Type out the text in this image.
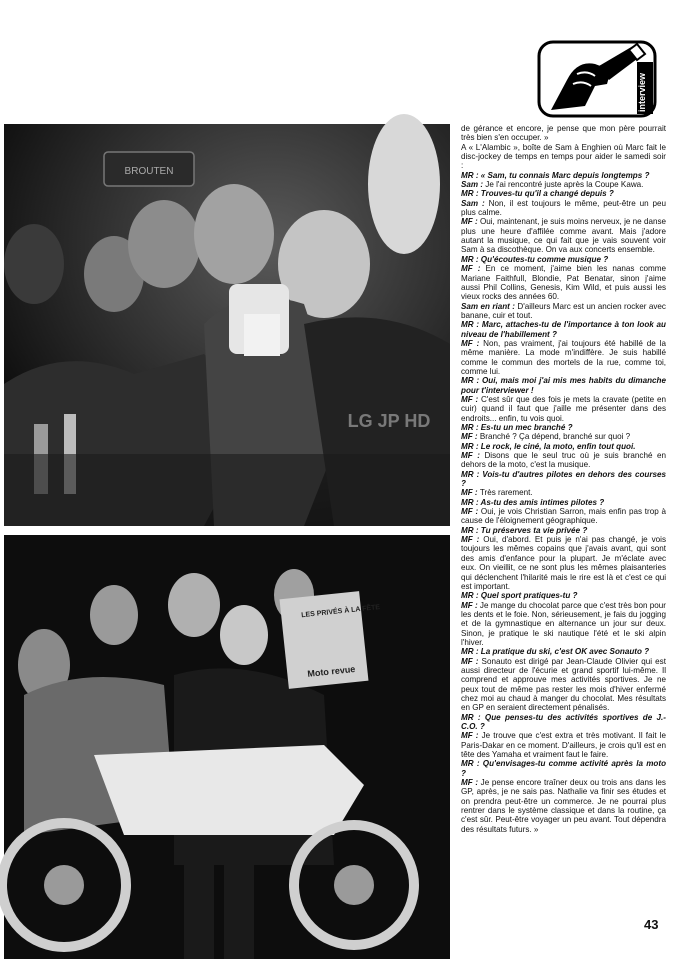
interview
BROUTEN
LG JP HD
LES PRIVÉS À LA FÊTE
Moto revue

de gérance et encore, je pense que mon père pourrait très bien s'en occuper. »

A « L'Alambic », boîte de Sam à Enghien où Marc fait le disc-jockey de temps en temps pour aider le samedi soir :

MR : « Sam, tu connais Marc depuis longtemps ?

Sam : Je l'ai rencontré juste après la Coupe Kawa.

MR : Trouves-tu qu'il a changé depuis ?

Sam : Non, il est toujours le même, peut-être un peu plus calme.

MF : Oui, maintenant, je suis moins nerveux, je ne danse plus une heure d'affilée comme avant. Mais j'adore autant la musique, ce qui fait que je vais souvent voir Sam à sa discothèque. On va aux concerts ensemble.

MR : Qu'écoutes-tu comme musique ?

MF : En ce moment, j'aime bien les nanas comme Mariane Faithfull, Blondie, Pat Benatar, sinon j'aime aussi Phil Collins, Genesis, Kim Wild, et puis aussi les vieux rocks des années 60.

Sam en riant : D'ailleurs Marc est un ancien rocker avec banane, cuir et tout.

MR : Marc, attaches-tu de l'importance à ton look au niveau de l'habillement ?

MF : Non, pas vraiment, j'ai toujours été habillé de la même manière. La mode m'indiffère. Je suis habillé comme le commun des mortels de la rue, comme toi, comme lui.

MR : Oui, mais moi j'ai mis mes habits du dimanche pour t'interviewer !

MF : C'est sûr que des fois je mets la cravate (petite en cuir) quand il faut que j'aille me présenter dans des endroits... enfin, tu vois quoi.

MR : Es-tu un mec branché ?

MF : Branché ? Ça dépend, branché sur quoi ?

MR : Le rock, le ciné, la moto, enfin tout quoi.

MF : Disons que le seul truc où je suis branché en dehors de la moto, c'est la musique.

MR : Vois-tu d'autres pilotes en dehors des courses ?

MF : Très rarement.

MR : As-tu des amis intimes pilotes ?

MF : Oui, je vois Christian Sarron, mais enfin pas trop à cause de l'éloignement géographique.

MR : Tu préserves ta vie privée ?

MF : Oui, d'abord. Et puis je n'ai pas changé, je vois toujours les mêmes copains que j'avais avant, qui sont des amis d'enfance pour la plupart. Je m'éclate avec eux. On vieillit, ce ne sont plus les mêmes plaisanteries qui déclenchent l'hilarité mais le rire est là et c'est ce qui est important.

MR : Quel sport pratiques-tu ?

MF : Je mange du chocolat parce que c'est très bon pour les dents et le foie. Non, sérieusement, je fais du jogging et de la gymnastique en alternance un jour sur deux. Sinon, je pratique le ski nautique l'été et le ski alpin l'hiver.

MR : La pratique du ski, c'est OK avec Sonauto ?

MF : Sonauto est dirigé par Jean-Claude Olivier qui est aussi directeur de l'écurie et grand sportif lui-même. Il comprend et approuve mes activités sportives. Je ne peux tout de même pas rester les mois d'hiver enfermé chez moi au chaud à manger du chocolat. Mes résultats en GP en seraient directement pénalisés.

MR : Que penses-tu des activités sportives de J.-C.O. ?

MF : Je trouve que c'est extra et très motivant. Il fait le Paris-Dakar en ce moment. D'ailleurs, je crois qu'il est en tête des Yamaha et vraiment faut le faire.

MR : Qu'envisages-tu comme activité après la moto ?

MF : Je pense encore traîner deux ou trois ans dans les GP, après, je ne sais pas. Nathalie va finir ses études et on prendra peut-être un commerce. Je ne pourrai plus rentrer dans le système classique et dans la routine, ça c'est sûr. Peut-être voyager un peu avant. Tout dépendra des résultats futurs. »

43
